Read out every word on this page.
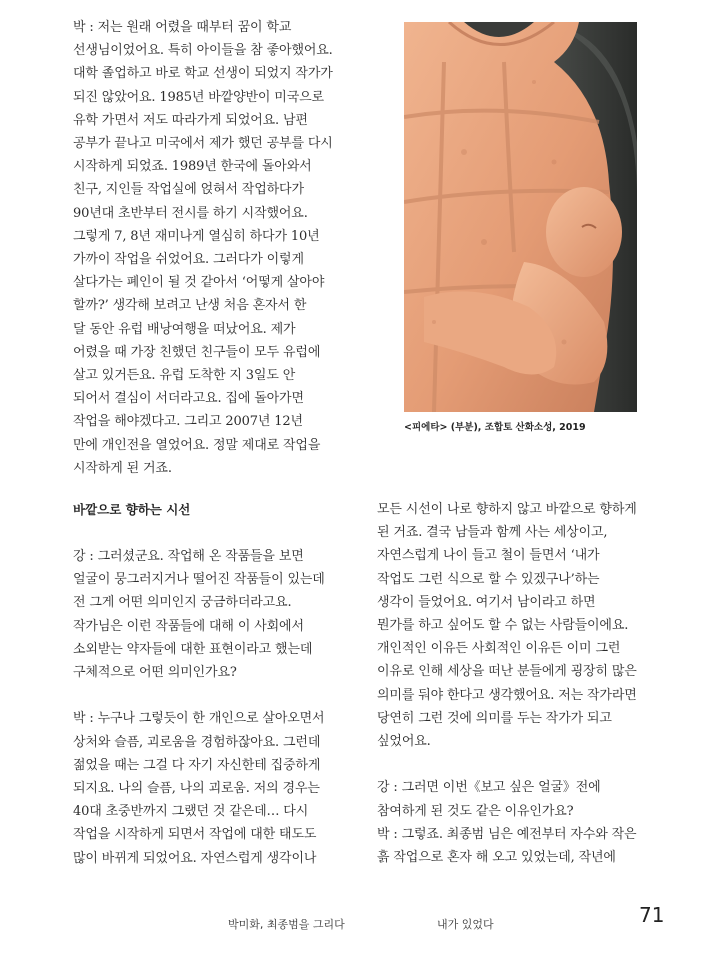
박 : 저는 원래 어렸을 때부터 꿈이 학교
선생님이었어요. 특히 아이들을 참 좋아했어요.
대학 졸업하고 바로 학교 선생이 되었지 작가가
되진 않았어요. 1985년 바깥양반이 미국으로
유학 가면서 저도 따라가게 되었어요. 남편
공부가 끝나고 미국에서 제가 했던 공부를 다시
시작하게 되었죠. 1989년 한국에 돌아와서
친구, 지인들 작업실에 얹혀서 작업하다가
90년대 초반부터 전시를 하기 시작했어요.
그렇게 7, 8년 재미나게 열심히 하다가 10년
가까이 작업을 쉬었어요. 그러다가 이렇게
살다가는 폐인이 될 것 같아서 ‘어떻게 살아야
할까?’ 생각해 보려고 난생 처음 혼자서 한
달 동안 유럽 배낭여행을 떠났어요. 제가
어렸을 때 가장 친했던 친구들이 모두 유럽에
살고 있거든요. 유럽 도착한 지 3일도 안
되어서 결심이 서더라고요. 집에 돌아가면
작업을 해야겠다고. 그리고 2007년 12년
만에 개인전을 열었어요. 정말 제대로 작업을
시작하게 된 거죠.
바깥으로 향하는 시선
강 : 그러셨군요. 작업해 온 작품들을 보면
얼굴이 뭉그러지거나 떨어진 작품들이 있는데
전 그게 어떤 의미인지 궁금하더라고요.
작가님은 이런 작품들에 대해 이 사회에서
소외받는 약자들에 대한 표현이라고 했는데
구체적으로 어떤 의미인가요?
박 : 누구나 그렇듯이 한 개인으로 살아오면서
상처와 슬픔, 괴로움을 경험하잖아요. 그런데
젊었을 때는 그걸 다 자기 자신한테 집중하게
되지요. 나의 슬픔, 나의 괴로움. 저의 경우는
40대 초중반까지 그랬던 것 같은데… 다시
작업을 시작하게 되면서 작업에 대한 태도도
많이 바뀌게 되었어요. 자연스럽게 생각이나
모든 시선이 나로 향하지 않고 바깥으로 향하게
된 거죠. 결국 남들과 함께 사는 세상이고,
자연스럽게 나이 들고 철이 들면서 ‘내가
작업도 그런 식으로 할 수 있겠구나’하는
생각이 들었어요. 여기서 남이라고 하면
뭔가를 하고 싶어도 할 수 없는 사람들이에요.
개인적인 이유든 사회적인 이유든 이미 그런
이유로 인해 세상을 떠난 분들에게 굉장히 많은
의미를 둬야 한다고 생각했어요. 저는 작가라면
당연히 그런 것에 의미를 두는 작가가 되고
싶었어요.
강 : 그러면 이번《보고 싶은 얼굴》전에
참여하게 된 것도 같은 이유인가요?
박 : 그렇죠. 최종범 님은 예전부터 자수와 작은
흙 작업으로 혼자 해 오고 있었는데, 작년에
<피에타> (부분), 조합토 산화소성, 2019
박미화, 최종범을 그리다	내가 있었다	71
